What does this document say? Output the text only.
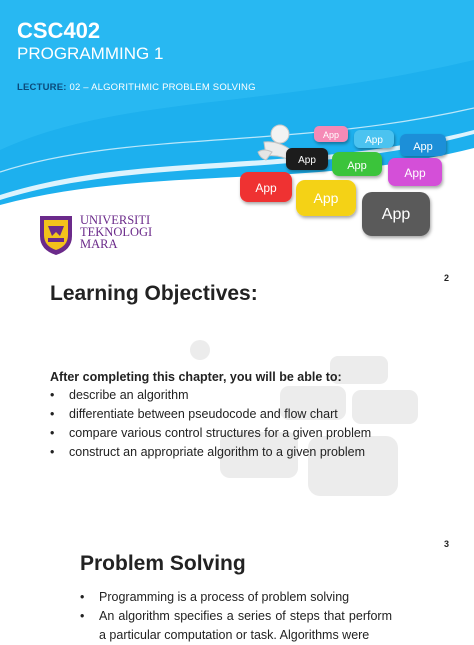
CSC402
PROGRAMMING 1
LECTURE: 02 – ALGORITHMIC PROBLEM SOLVING
App	App
App
App	App	App
App
App
App
UNIVERSITI
TEKNOLOGI
MARA
2
Learning Objectives:
After completing this chapter, you will be able to:
• describe an algorithm
• differentiate between pseudocode and flow chart
• compare various control structures for a given problem
• construct an appropriate algorithm to a given problem
3
Problem Solving
• Programming is a process of problem solving
• An algorithm specifies a series of steps that perform a particular computation or task. Algorithms were
